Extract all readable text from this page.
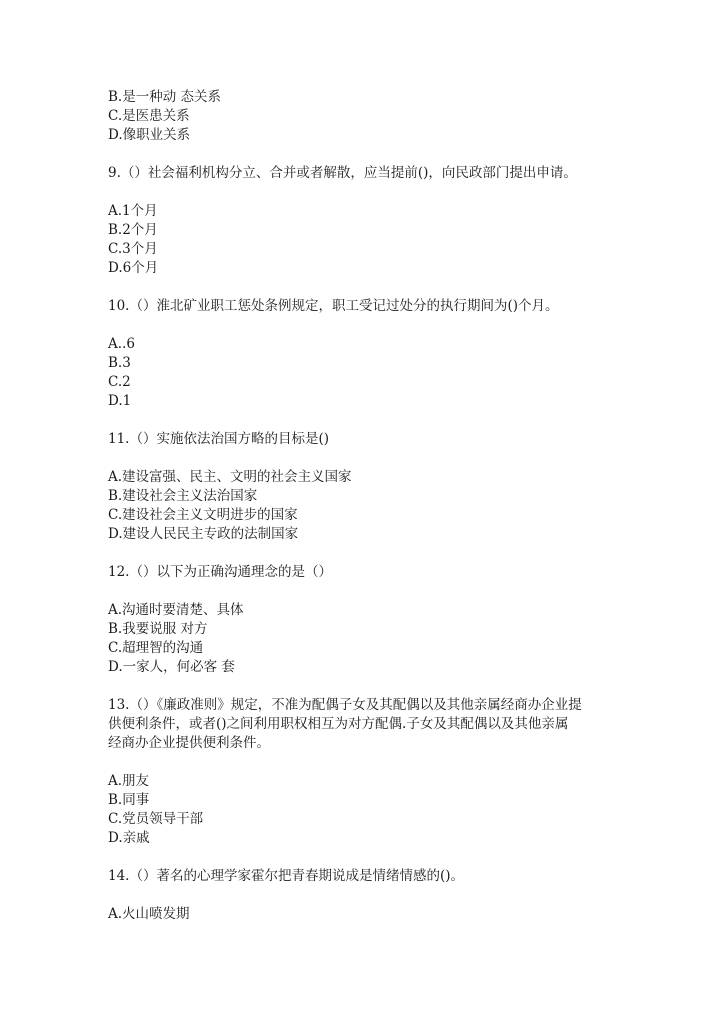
B.是一种动 态关系

C.是医患关系

D.像职业关系

9.（）社会福利机构分立、合并或者解散，应当提前()，向民政部门提出申请。

A.1个月

B.2个月

C.3个月

D.6个月

10.（）淮北矿业职工惩处条例规定，职工受记过处分的执行期间为()个月。

A..6

B.3

C.2

D.1

11.（）实施依法治国方略的目标是()

A.建设富强、民主、文明的社会主义国家

B.建设社会主义法治国家

C.建设社会主义文明进步的国家

D.建设人民民主专政的法制国家

12.（）以下为正确沟通理念的是（）

A.沟通时要清楚、具体

B.我要说服 对方

C.超理智的沟通

D.一家人，何必客 套

13.（）《廉政准则》规定，不准为配偶子女及其配偶以及其他亲属经商办企业提

供便利条件，或者()之间利用职权相互为对方配偶.子女及其配偶以及其他亲属

经商办企业提供便利条件。

A.朋友

B.同事

C.党员领导干部

D.亲戚

14.（）著名的心理学家霍尔把青春期说成是情绪情感的()。

A.火山喷发期
